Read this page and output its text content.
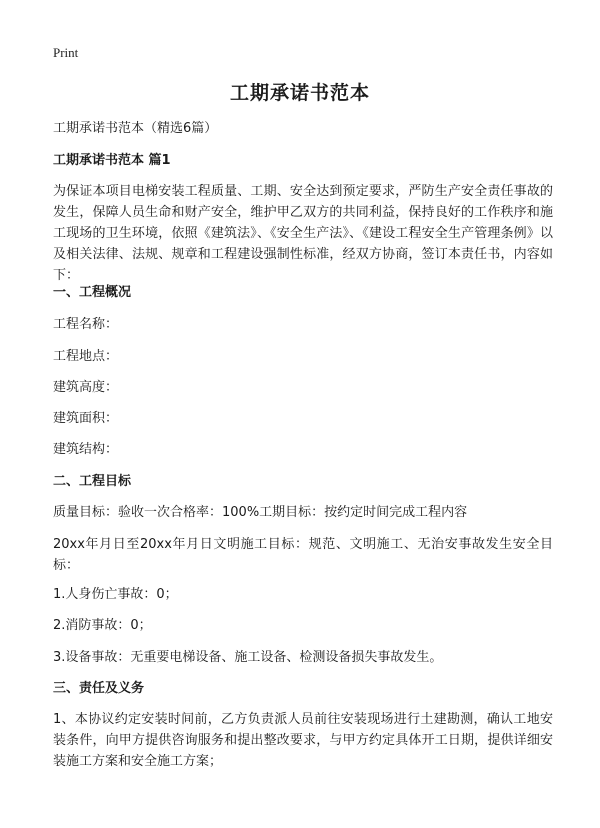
Print
工期承诺书范本
工期承诺书范本（精选6篇）
工期承诺书范本 篇1
为保证本项目电梯安装工程质量、工期、安全达到预定要求，严防生产安全责任事故的发生，保障人员生命和财产安全，维护甲乙双方的共同利益，保持良好的工作秩序和施工现场的卫生环境，依照《建筑法》、《安全生产法》、《建设工程安全生产管理条例》以及相关法律、法规、规章和工程建设强制性标准，经双方协商，签订本责任书，内容如下：
一、工程概况
工程名称：
工程地点：
建筑高度：
建筑面积：
建筑结构：
二、工程目标
质量目标：验收一次合格率：100%工期目标：按约定时间完成工程内容
20xx年月日至20xx年月日文明施工目标：规范、文明施工、无治安事故发生安全目标：
1.人身伤亡事故：0；
2.消防事故：0；
3.设备事故：无重要电梯设备、施工设备、检测设备损失事故发生。
三、责任及义务
1、本协议约定安装时间前，乙方负责派人员前往安装现场进行土建勘测，确认工地安装条件，向甲方提供咨询服务和提出整改要求，与甲方约定具体开工日期，提供详细安装施工方案和安全施工方案；
